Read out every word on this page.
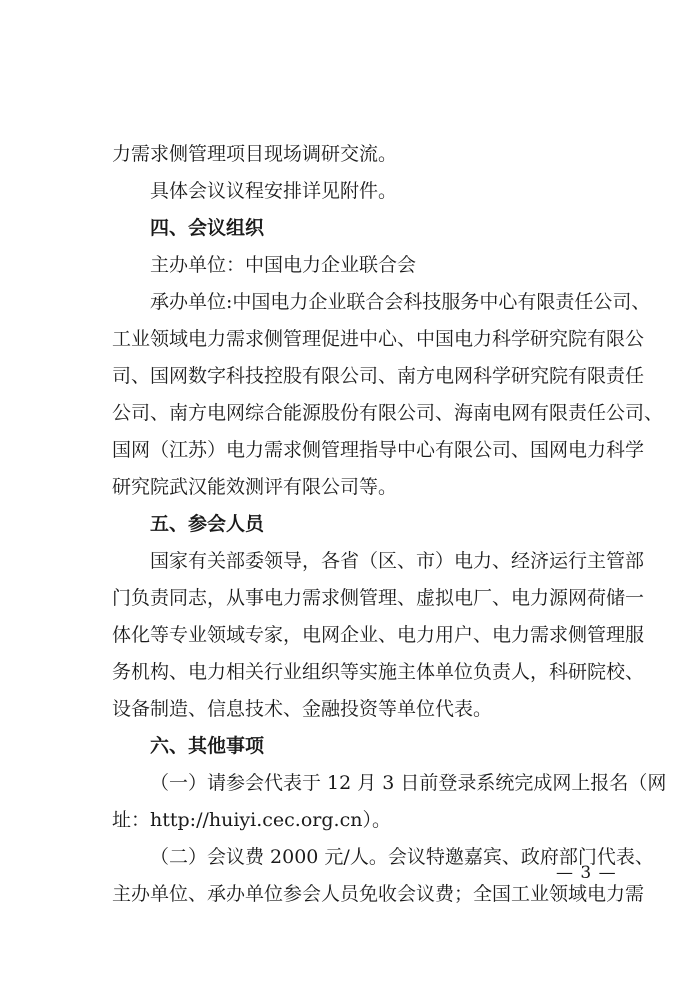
力需求侧管理项目现场调研交流。
具体会议议程安排详见附件。
四、会议组织
主办单位：中国电力企业联合会
承办单位:中国电力企业联合会科技服务中心有限责任公司、
工业领域电力需求侧管理促进中心、中国电力科学研究院有限公
司、国网数字科技控股有限公司、南方电网科学研究院有限责任
公司、南方电网综合能源股份有限公司、海南电网有限责任公司、
国网（江苏）电力需求侧管理指导中心有限公司、国网电力科学
研究院武汉能效测评有限公司等。
五、参会人员
国家有关部委领导，各省（区、市）电力、经济运行主管部
门负责同志，从事电力需求侧管理、虚拟电厂、电力源网荷储一
体化等专业领域专家，电网企业、电力用户、电力需求侧管理服
务机构、电力相关行业组织等实施主体单位负责人，科研院校、
设备制造、信息技术、金融投资等单位代表。
六、其他事项
（一）请参会代表于 12 月 3 日前登录系统完成网上报名（网
址：http://huiyi.cec.org.cn）。
（二）会议费 2000 元/人。会议特邀嘉宾、政府部门代表、
主办单位、承办单位参会人员免收会议费；全国工业领域电力需
— 3 —
